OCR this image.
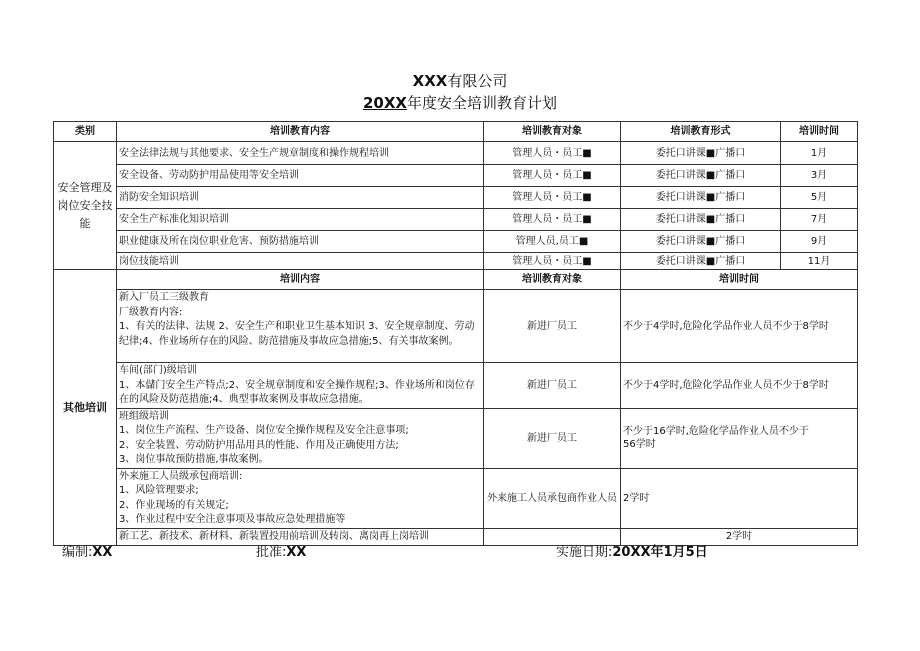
XXX有限公司
20XX年度安全培训教育计划
类别	培训教育内容	培训教育对象	培训教育形式	培训时间
安全管理及岗位安全技能	安全法律法规与其他要求、安全生产规章制度和操作规程培训	管理人员・员工■	委托口讲课■广播口	1月
	安全设备、劳动防护用品使用等安全培训	管理人员・员工■	委托口讲课■广播口	3月
	消防安全知识培训	管理人员・员工■	委托口讲课■广播口	5月
	安全生产标准化知识培训	管理人员・员工■	委托口讲课■广播口	7月
	职业健康及所在岗位职业危害、预防措施培训	管理人员,员工■	委托口讲课■广播口	9月
	岗位技能培训	管理人员・员工■	委托口讲课■广播口	11月
其他培训	培训内容	培训教育对象	培训时间	
	新入厂员工三级教育
厂级教育内容:
1、有关的法律、法规 2、安全生产和职业卫生基本知识 3、安全规章制度、劳动纪律;4、作业场所存在的风险、防范措施及事故应急措施;5、有关事故案例。	新进厂员工	不少于4学时,危险化学品作业人员不少于8学时	
	车间(部门)级培训
1、本儲门安全生产特点;2、安全规章制度和安全操作规程;3、作业场所和岗位存在的风险及防范措施;4、典型事故案例及事故应急措施。	新进厂员工	不少于4学时,危险化学品作业人员不少于8学时	
	班组级培训
1、岗位生产流程、生产设备、岗位安全操作规程及安全注意事项;
2、安全装置、劳动防护用品用具的性能、作用及正确使用方法;
3、岗位事故预防措施,事故案例。	新进厂员工	不少于16学时,危险化学品作业人员不少于
56学时	
	外来施工人员级承包商培训:
1、风险管理要求;
2、作业现场的有关规定;
3、作业过程中安全注意事项及事故应急处理措施等	外来施工人员承包商作业人员	2学时	
	新工艺、新技术、新材料、新装置投用前培训及转岗、离岗再上岗培训		2学时	
编制:XX	批准:XX	实施日期:20XX年1月5日
